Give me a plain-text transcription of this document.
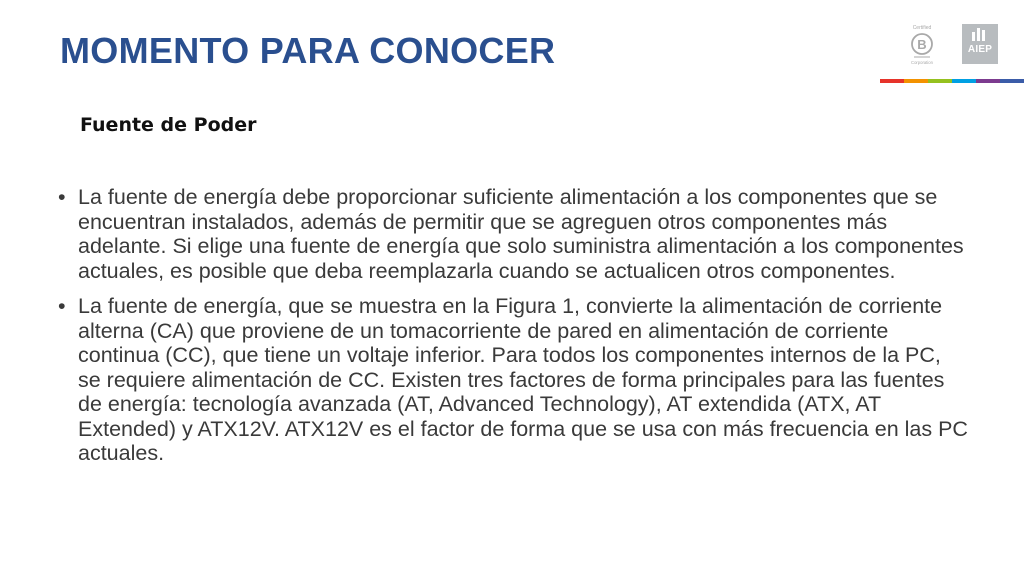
MOMENTO PARA CONOCER
Certified
B
Corporation
AIEP
Fuente de Poder
• La fuente de energía debe proporcionar suficiente alimentación a los componentes que se encuentran instalados, además de permitir que se agreguen otros componentes más adelante. Si elige una fuente de energía que solo suministra alimentación a los componentes actuales, es posible que deba reemplazarla cuando se actualicen otros componentes.
• La fuente de energía, que se muestra en la Figura 1, convierte la alimentación de corriente alterna (CA) que proviene de un tomacorriente de pared en alimentación de corriente continua (CC), que tiene un voltaje inferior. Para todos los componentes internos de la PC, se requiere alimentación de CC. Existen tres factores de forma principales para las fuentes de energía: tecnología avanzada (AT, Advanced Technology), AT extendida (ATX, AT Extended) y ATX12V. ATX12V es el factor de forma que se usa con más frecuencia en las PC actuales.
